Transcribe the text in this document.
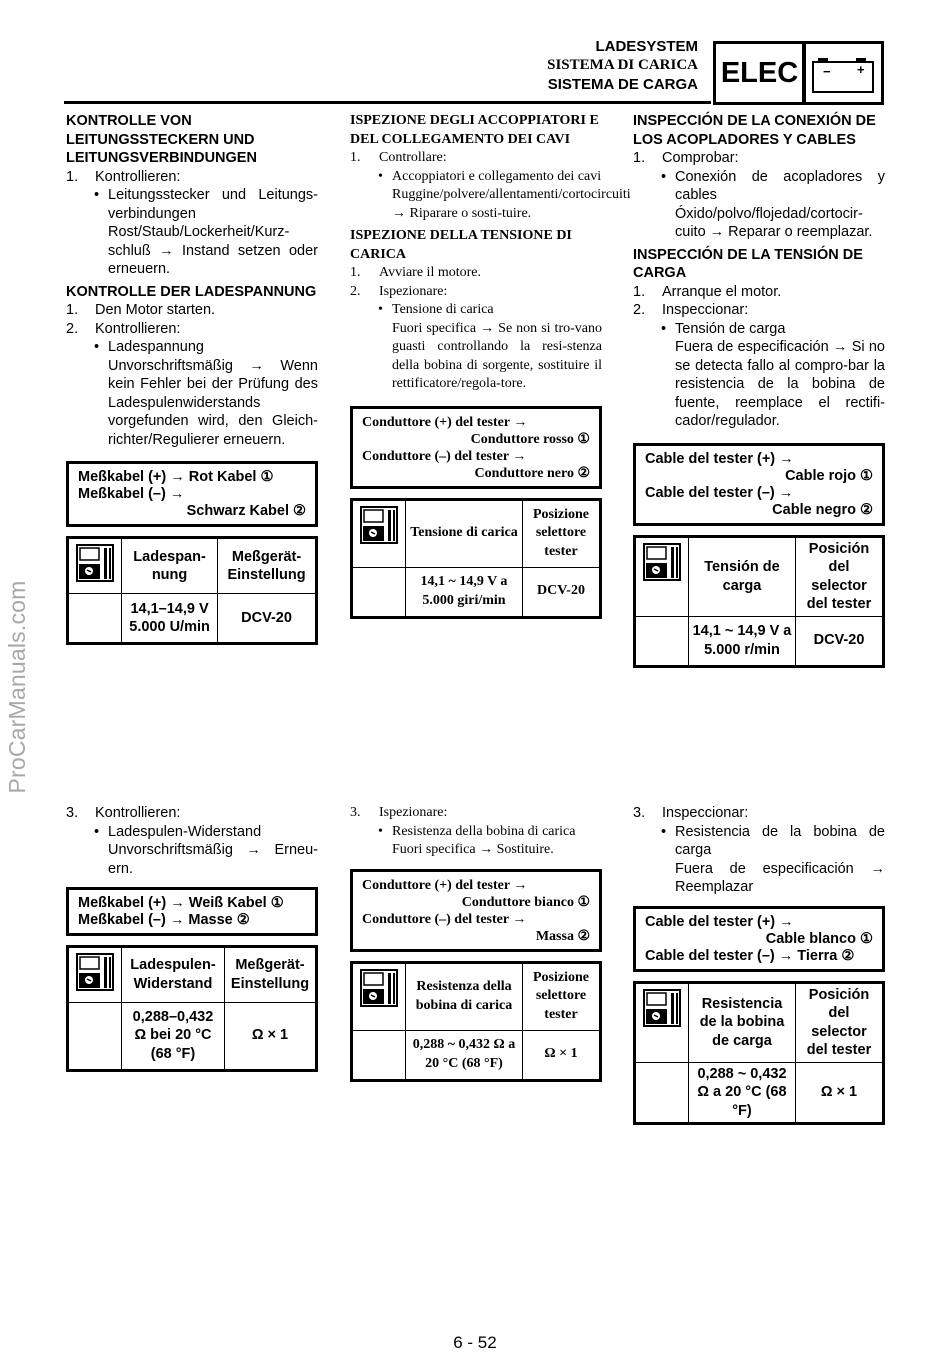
ProCarManuals.com
LADESYSTEM
SISTEMA DI CARICA
SISTEMA DE CARGA ELEC	− +
KONTROLLE VON LEITUNGSSTECKERN UND LEITUNGSVERBINDUNGEN
1.	Kontrollieren:
• Leitungsstecker und Leitungs-verbindungen
Rost/Staub/Lockerheit/Kurz-schluß → Instand setzen oder erneuern.
KONTROLLE DER LADESPANNUNG
1.	Den Motor starten.
2.	Kontrollieren:
• Ladespannung
Unvorschriftsmäßig → Wenn kein Fehler bei der Prüfung des Ladespulenwiderstands vorgefunden wird, den Gleich-richter/Regulierer erneuern.
Meßkabel (+) → Rot Kabel ①
Meßkabel (–) →
Schwarz Kabel ②
	Ladespan-nung	Meßgerät-Einstellung
	14,1–14,9 V 5.000 U/min	DCV-20
ISPEZIONE DEGLI ACCOPPIATORI E DEL COLLEGAMENTO DEI CAVI
1.	Controllare:
• Accoppiatori e collegamento dei cavi
Ruggine/polvere/allentamenti/cortocircuiti → Riparare o sosti-tuire.
ISPEZIONE DELLA TENSIONE DI CARICA
1.	Avviare il motore.
2.	Ispezionare:
• Tensione di carica
Fuori specifica → Se non si tro-vano guasti controllando la resi-stenza della bobina di sorgente, sostituire il rettificatore/regola-tore.
Conduttore (+) del tester →
Conduttore rosso ①
Conduttore (–) del tester →
Conduttore nero ②
	Tensione di carica	Posizione selettore tester
	14,1 ~ 14,9 V a 5.000 giri/min	DCV-20
INSPECCIÓN DE LA CONEXIÓN DE LOS ACOPLADORES Y CABLES
1.	Comprobar:
• Conexión de acopladores y cables
Óxido/polvo/flojedad/cortocir-cuito → Reparar o reemplazar.
INSPECCIÓN DE LA TENSIÓN DE CARGA
1.	Arranque el motor.
2.	Inspeccionar:
• Tensión de carga
Fuera de especificación → Si no se detecta fallo al compro-bar la resistencia de la bobina de fuente, reemplace el rectifi-cador/regulador.
Cable del tester (+) →
Cable rojo ①
Cable del tester (–) →
Cable negro ②
	Tensión de carga	Posición del selector del tester
	14,1 ~ 14,9 V a 5.000 r/min	DCV-20
3.	Kontrollieren:
• Ladespulen-Widerstand
Unvorschriftsmäßig → Erneu-ern.
Meßkabel (+) → Weiß Kabel ①
Meßkabel (–) → Masse ②
	Ladespulen-Widerstand	Meßgerät-Einstellung
	0,288–0,432 Ω bei 20 °C (68 °F)	Ω × 1
3.	Ispezionare:
• Resistenza della bobina di carica
Fuori specifica → Sostituire.
Conduttore (+) del tester →
Conduttore bianco ①
Conduttore (–) del tester →
Massa ②
	Resistenza della bobina di carica	Posizione selettore tester
	0,288 ~ 0,432 Ω a 20 °C (68 °F)	Ω × 1
3.	Inspeccionar:
• Resistencia de la bobina de carga
Fuera de especificación → Reemplazar
Cable del tester (+) →
Cable blanco ①
Cable del tester (–) → Tierra ②
	Resistencia de la bobina de carga	Posición del selector del tester
	0,288 ~ 0,432 Ω a 20 °C (68 °F)	Ω × 1
6 - 52
